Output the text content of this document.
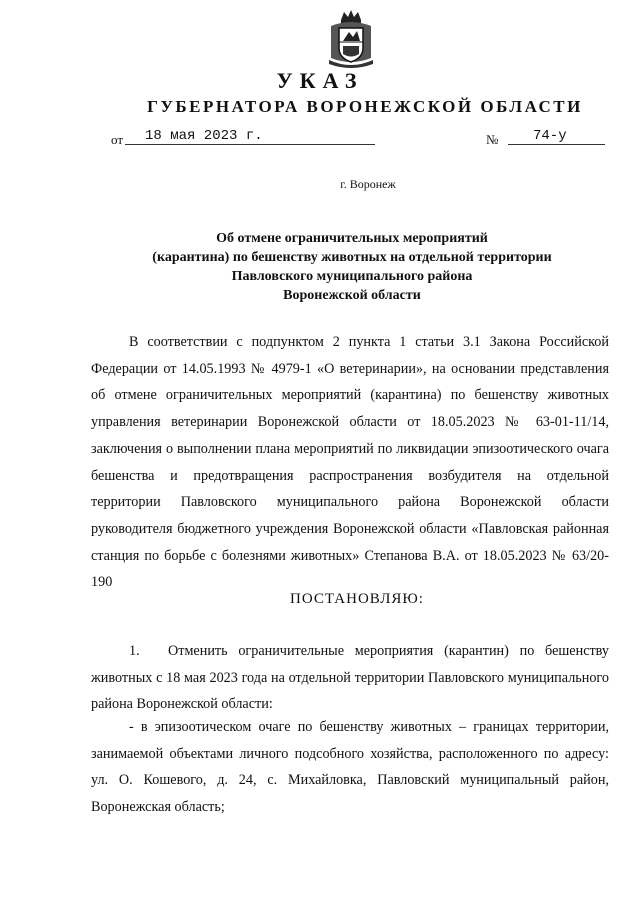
УКАЗ
ГУБЕРНАТОРА ВОРОНЕЖСКОЙ ОБЛАСТИ
от	18 мая 2023 г.	№	74-у
г. Воронеж
Об отмене ограничительных мероприятий
(карантина) по бешенству животных на отдельной территории
Павловского муниципального района
Воронежской области
В соответствии с подпунктом 2 пункта 1 статьи 3.1 Закона Российской Федерации от 14.05.1993 № 4979-1 «О ветеринарии», на основании представления об отмене ограничительных мероприятий (карантина) по бешенству животных управления ветеринарии Воронежской области от 18.05.2023 № 63-01-11/14, заключения о выполнении плана мероприятий по ликвидации эпизоотического очага бешенства и предотвращения распространения возбудителя на отдельной территории Павловского муниципального района Воронежской области руководителя бюджетного учреждения Воронежской области «Павловская районная станция по борьбе с болезнями животных» Степанова В.А. от 18.05.2023 № 63/20-190
ПОСТАНОВЛЯЮ:
1. Отменить ограничительные мероприятия (карантин) по бешенству животных с 18 мая 2023 года на отдельной территории Павловского муниципального района Воронежской области:
- в эпизоотическом очаге по бешенству животных – границах территории, занимаемой объектами личного подсобного хозяйства, расположенного по адресу: ул. О. Кошевого, д. 24, с. Михайловка, Павловский муниципальный район, Воронежская область;
